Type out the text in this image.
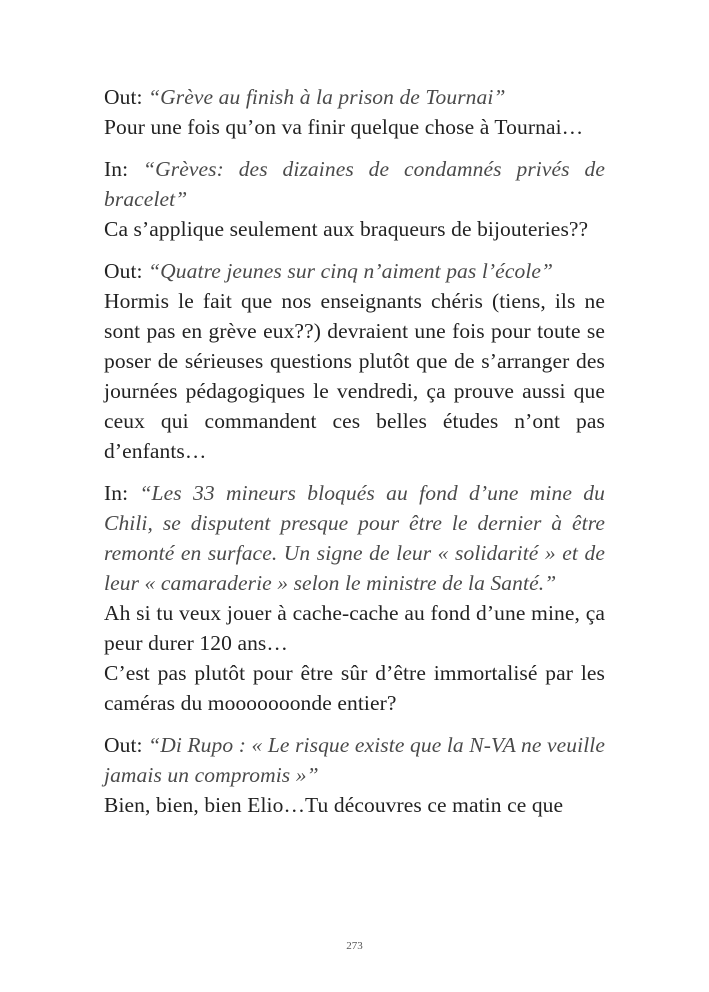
Out: “Grève au finish à la prison de Tournai”

Pour une fois qu’on va finir quelque chose à Tournai…

In: “Grèves: des dizaines de condamnés privés de bracelet”

Ca s’applique seulement aux braqueurs de bijouteries??

Out: “Quatre jeunes sur cinq n’aiment pas l’école”

Hormis le fait que nos enseignants chéris (tiens, ils ne sont pas en grève eux??) devraient une fois pour toute se poser de sérieuses questions plutôt que de s’arranger des journées pédagogiques le vendredi, ça prouve aussi que ceux qui commandent ces belles études n’ont pas d’enfants…

In: “Les 33 mineurs bloqués au fond d’une mine du Chili, se disputent presque pour être le dernier à être remonté en surface. Un signe de leur « solidarité » et de leur « camaraderie » selon le ministre de la Santé.”

Ah si tu veux jouer à cache-cache au fond d’une mine, ça peur durer 120 ans…

C’est pas plutôt pour être sûr d’être immortalisé par les caméras du mooooooonde entier?

Out: “Di Rupo : « Le risque existe que la N-VA ne veuille jamais un compromis »”

Bien, bien, bien Elio…Tu découvres ce matin ce que

273
